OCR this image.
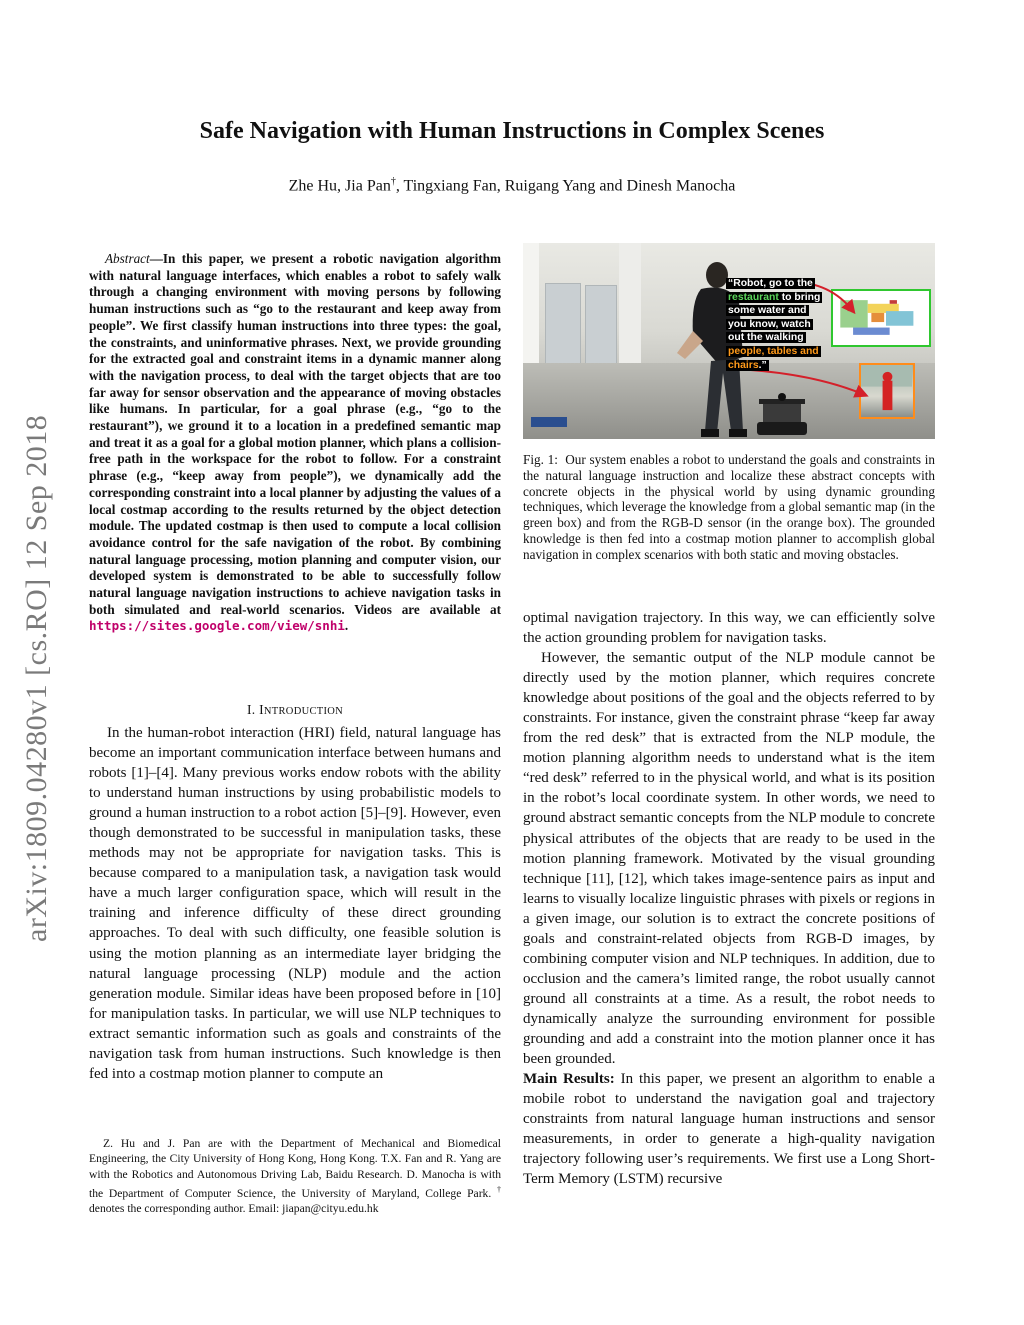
arXiv:1809.04280v1 [cs.RO] 12 Sep 2018
Safe Navigation with Human Instructions in Complex Scenes
Zhe Hu, Jia Pan†, Tingxiang Fan, Ruigang Yang and Dinesh Manocha
Abstract—In this paper, we present a robotic navigation algorithm with natural language interfaces, which enables a robot to safely walk through a changing environment with moving persons by following human instructions such as “go to the restaurant and keep away from people”. We first classify human instructions into three types: the goal, the constraints, and uninformative phrases. Next, we provide grounding for the extracted goal and constraint items in a dynamic manner along with the navigation process, to deal with the target objects that are too far away for sensor observation and the appearance of moving obstacles like humans. In particular, for a goal phrase (e.g., “go to the restaurant”), we ground it to a location in a predefined semantic map and treat it as a goal for a global motion planner, which plans a collision-free path in the workspace for the robot to follow. For a constraint phrase (e.g., “keep away from people”), we dynamically add the corresponding constraint into a local planner by adjusting the values of a local costmap according to the results returned by the object detection module. The updated costmap is then used to compute a local collision avoidance control for the safe navigation of the robot. By combining natural language processing, motion planning and computer vision, our developed system is demonstrated to be able to successfully follow natural language navigation instructions to achieve navigation tasks in both simulated and real-world scenarios. Videos are available at https://sites.google.com/view/snhi.
I. INTRODUCTION
In the human-robot interaction (HRI) field, natural language has become an important communication interface between humans and robots [1]–[4]. Many previous works endow robots with the ability to understand human instructions by using probabilistic models to ground a human instruction to a robot action [5]–[9]. However, even though demonstrated to be successful in manipulation tasks, these methods may not be appropriate for navigation tasks. This is because compared to a manipulation task, a navigation task would have a much larger configuration space, which will result in the training and inference difficulty of these direct grounding approaches. To deal with such difficulty, one feasible solution is using the motion planning as an intermediate layer bridging the natural language processing (NLP) module and the action generation module. Similar ideas have been proposed before in [10] for manipulation tasks. In particular, we will use NLP techniques to extract semantic information such as goals and constraints of the navigation task from human instructions. Such knowledge is then fed into a costmap motion planner to compute an
Z. Hu and J. Pan are with the Department of Mechanical and Biomedical Engineering, the City University of Hong Kong, Hong Kong. T.X. Fan and R. Yang are with the Robotics and Autonomous Driving Lab, Baidu Research. D. Manocha is with the Department of Computer Science, the University of Maryland, College Park. † denotes the corresponding author. Email: jiapan@cityu.edu.hk
“Robot, go to the
restaurant to bring
some water and
you know, watch
out the walking
people, tables and
chairs.”
Fig. 1: Our system enables a robot to understand the goals and constraints in the natural language instruction and localize these abstract concepts with concrete objects in the physical world by using dynamic grounding techniques, which leverage the knowledge from a global semantic map (in the green box) and from the RGB-D sensor (in the orange box). The grounded knowledge is then fed into a costmap motion planner to accomplish global navigation in complex scenarios with both static and moving obstacles.

optimal navigation trajectory. In this way, we can efficiently solve the action grounding problem for navigation tasks.

However, the semantic output of the NLP module cannot be directly used by the motion planner, which requires concrete knowledge about positions of the goal and the objects referred to by constraints. For instance, given the constraint phrase “keep far away from the red desk” that is extracted from the NLP module, the motion planning algorithm needs to understand what is the item “red desk” referred to in the physical world, and what is its position in the robot’s local coordinate system. In other words, we need to ground abstract semantic concepts from the NLP module to concrete physical attributes of the objects that are ready to be used in the motion planning framework. Motivated by the visual grounding technique [11], [12], which takes image-sentence pairs as input and learns to visually localize linguistic phrases with pixels or regions in a given image, our solution is to extract the concrete positions of goals and constraint-related objects from RGB-D images, by combining computer vision and NLP techniques. In addition, due to occlusion and the camera’s limited range, the robot usually cannot ground all constraints at a time. As a result, the robot needs to dynamically analyze the surrounding environment for possible grounding and add a constraint into the motion planner once it has been grounded.

Main Results: In this paper, we present an algorithm to enable a mobile robot to understand the navigation goal and trajectory constraints from natural language human instructions and sensor measurements, in order to generate a high-quality navigation trajectory following user’s requirements. We first use a Long Short-Term Memory (LSTM) recursive
